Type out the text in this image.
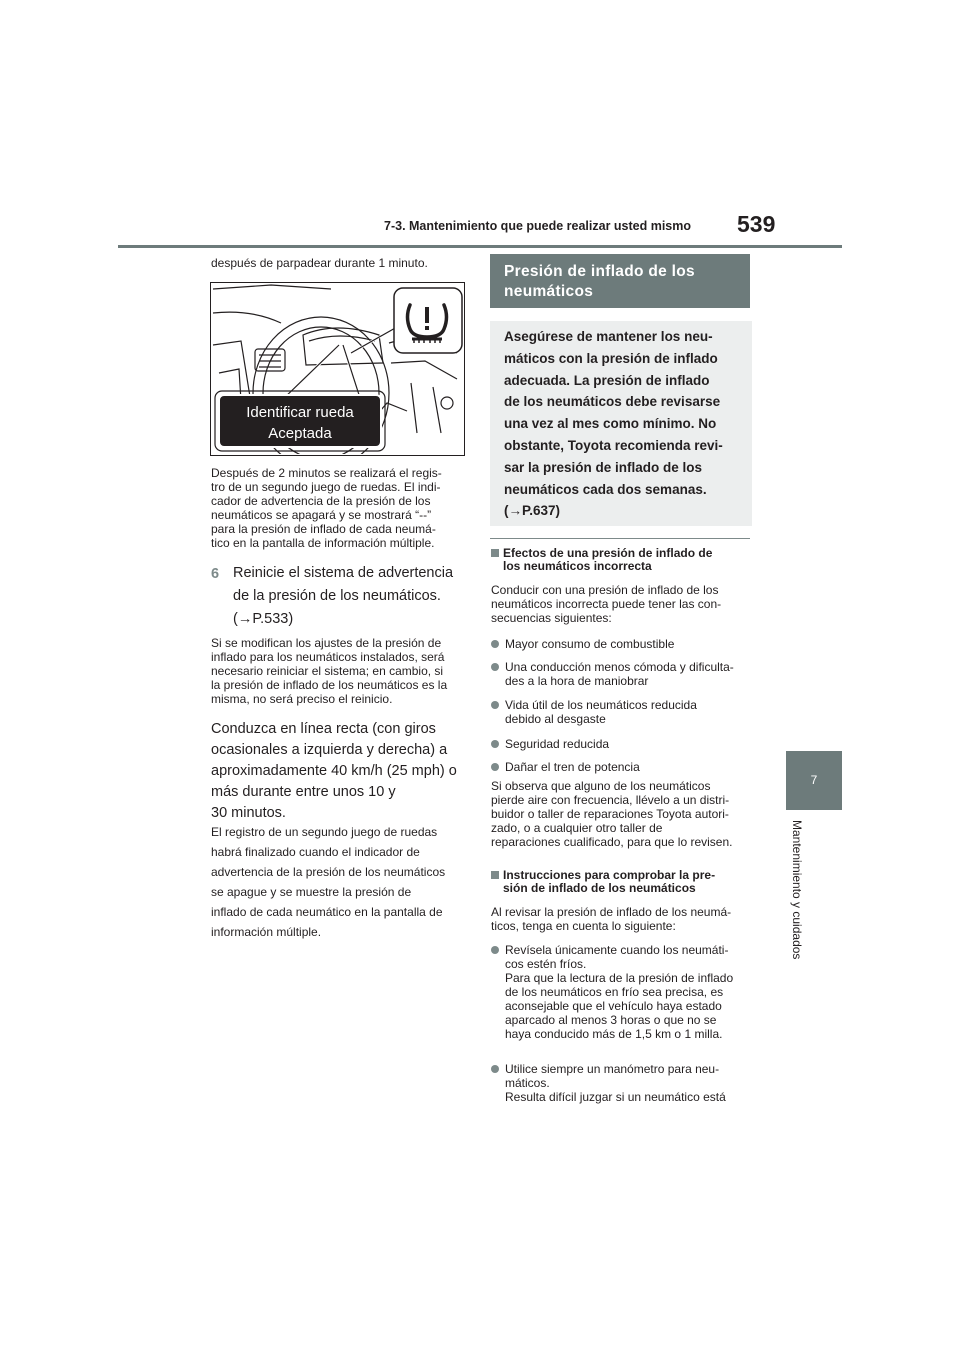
7-3. Mantenimiento que puede realizar usted mismo 539
7
Mantenimiento y cuidados
después de parpadear durante 1 minuto.
Identificar rueda
Aceptada
Después de 2 minutos se realizará el regis-
tro de un segundo juego de ruedas. El indi-
cador de advertencia de la presión de los
neumáticos se apagará y se mostrará “--”
para la presión de inflado de cada neumá-
tico en la pantalla de información múltiple.
6 Reinicie el sistema de advertencia
de la presión de los neumáticos.
(→P.533)
Si se modifican los ajustes de la presión de
inflado para los neumáticos instalados, será
necesario reiniciar el sistema; en cambio, si
la presión de inflado de los neumáticos es la
misma, no será preciso el reinicio.
Conduzca en línea recta (con giros
ocasionales a izquierda y derecha) a
aproximadamente 40 km/h (25 mph) o
más durante entre unos 10 y
30 minutos.
El registro de un segundo juego de ruedas
habrá finalizado cuando el indicador de
advertencia de la presión de los neumáticos
se apague y se muestre la presión de
inflado de cada neumático en la pantalla de
información múltiple.
Presión de inflado de los
neumáticos
Asegúrese de mantener los neu-
máticos con la presión de inflado
adecuada. La presión de inflado
de los neumáticos debe revisarse
una vez al mes como mínimo. No
obstante, Toyota recomienda revi-
sar la presión de inflado de los
neumáticos cada dos semanas.
(→P.637)
Efectos de una presión de inflado de
los neumáticos incorrecta
Conducir con una presión de inflado de los
neumáticos incorrecta puede tener las con-
secuencias siguientes:
Mayor consumo de combustible
Una conducción menos cómoda y dificulta-
des a la hora de maniobrar
Vida útil de los neumáticos reducida
debido al desgaste
Seguridad reducida
Dañar el tren de potencia
Si observa que alguno de los neumáticos
pierde aire con frecuencia, llévelo a un distri-
buidor o taller de reparaciones Toyota autori-
zado, o a cualquier otro taller de
reparaciones cualificado, para que lo revisen.
Instrucciones para comprobar la pre-
sión de inflado de los neumáticos
Al revisar la presión de inflado de los neumá-
ticos, tenga en cuenta lo siguiente:
Revísela únicamente cuando los neumáti-
cos estén fríos.
Para que la lectura de la presión de inflado
de los neumáticos en frío sea precisa, es
aconsejable que el vehículo haya estado
aparcado al menos 3 horas o que no se
haya conducido más de 1,5 km o 1 milla.
Utilice siempre un manómetro para neu-
máticos.
Resulta difícil juzgar si un neumático está
